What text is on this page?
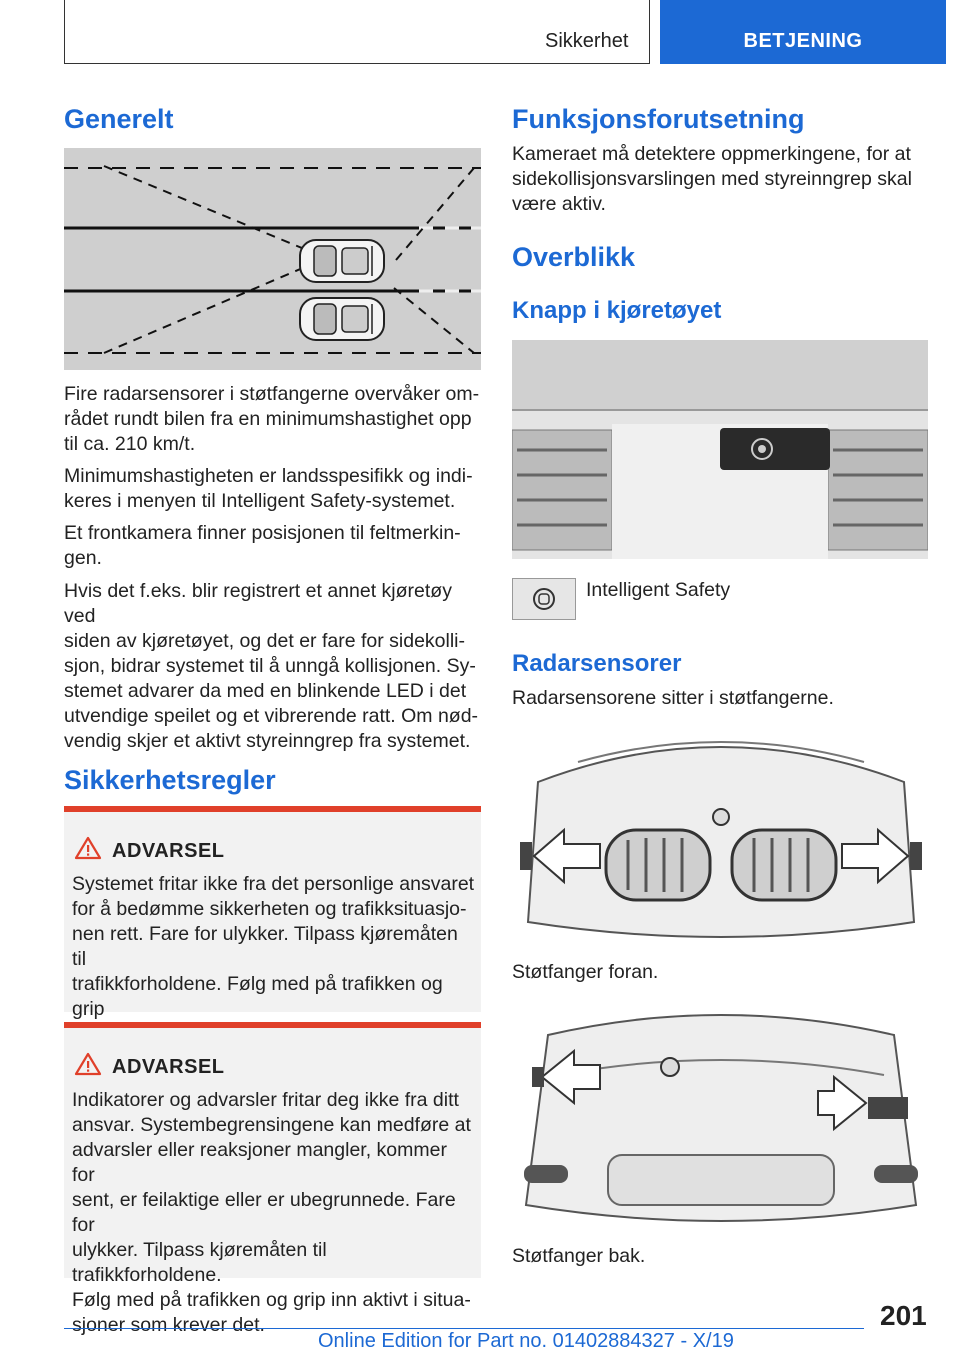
Sikkerhet	BETJENING
Generelt
Fire radarsensorer i støtfangerne overvåker om-
rådet rundt bilen fra en minimumshastighet opp
til ca. 210 km/t.
Minimumshastigheten er landsspesifikk og indi-
keres i menyen til Intelligent Safety-systemet.
Et frontkamera finner posisjonen til feltmerkin-
gen.
Hvis det f.eks. blir registrert et annet kjøretøy ved
siden av kjøretøyet, og det er fare for sidekolli-
sjon, bidrar systemet til å unngå kollisjonen. Sy-
stemet advarer da med en blinkende LED i det
utvendige speilet og et vibrerende ratt. Om nød-
vendig skjer et aktivt styreinngrep fra systemet.
Sikkerhetsregler
ADVARSEL
Systemet fritar ikke fra det personlige ansvaret
for å bedømme sikkerheten og trafikksituasjo-
nen rett. Fare for ulykker. Tilpass kjøremåten til
trafikkforholdene. Følg med på trafikken og grip

ADVARSEL
Indikatorer og advarsler fritar deg ikke fra ditt
ansvar. Systembegrensingene kan medføre at
advarsler eller reaksjoner mangler, kommer for
sent, er feilaktige eller er ubegrunnede. Fare for
ulykker. Tilpass kjøremåten til trafikkforholdene.
Følg med på trafikken og grip inn aktivt i situa-
sjoner som krever det.
Funksjonsforutsetning
Kameraet må detektere oppmerkingene, for at
sidekollisjonsvarslingen med styreinngrep skal
være aktiv.
Overblikk
Knapp i kjøretøyet
Intelligent Safety
Radarsensorer
Radarsensorene sitter i støtfangerne.
Støtfanger foran.
Støtfanger bak.
201
Online Edition for Part no. 01402884327 - X/19
